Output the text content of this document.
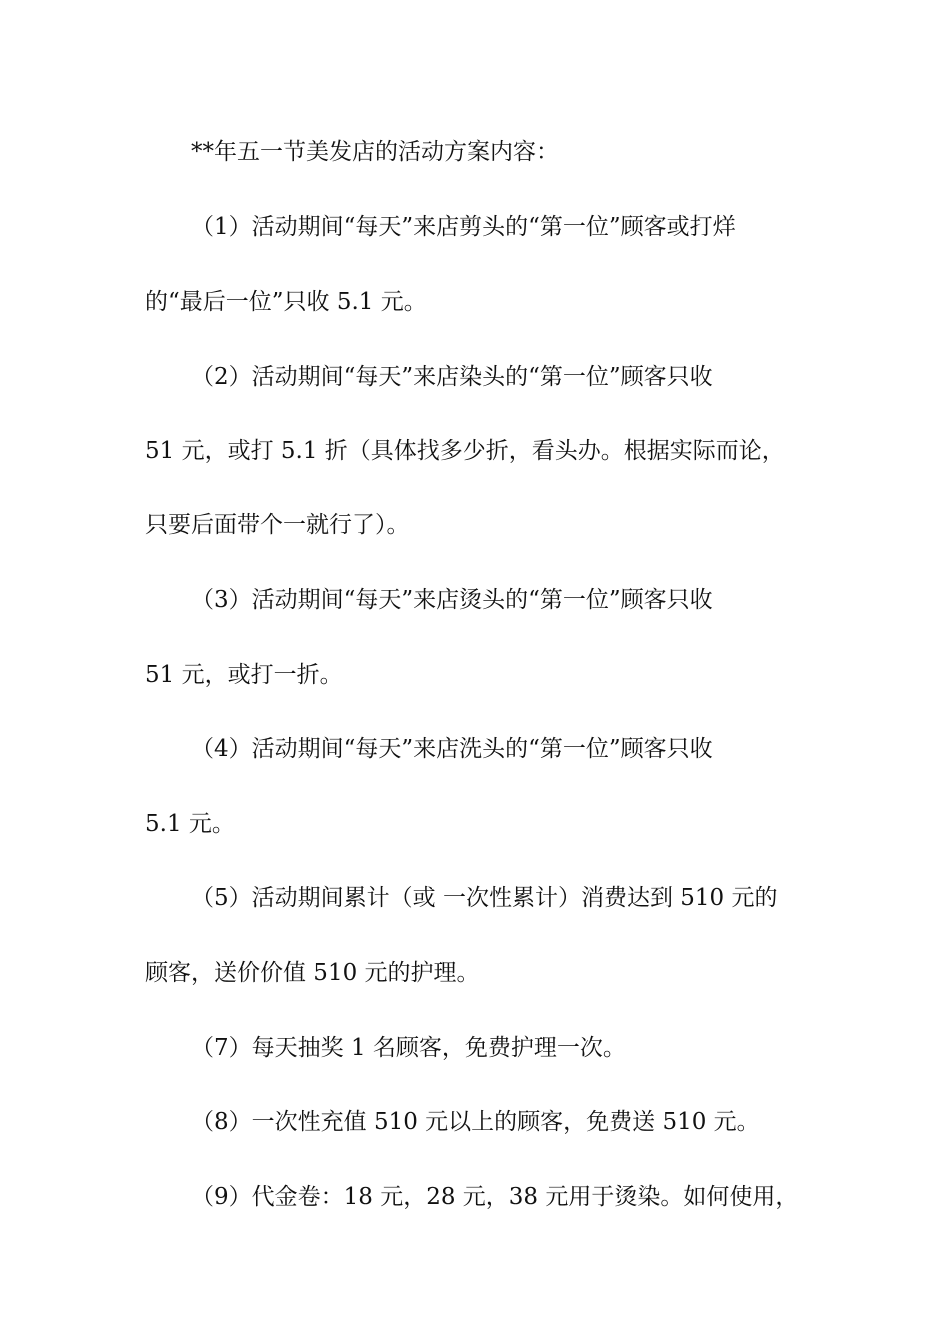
**年五一节美发店的活动方案内容：
（1）活动期间“每天”来店剪头的“第一位”顾客或打烊
的“最后一位”只收 5.1 元。
（2）活动期间“每天”来店染头的“第一位”顾客只收
51 元，或打 5.1 折（具体找多少折，看头办。根据实际而论，
只要后面带个一就行了）。
（3）活动期间“每天”来店烫头的“第一位”顾客只收
51 元，或打一折。
（4）活动期间“每天”来店洗头的“第一位”顾客只收
5.1 元。
（5）活动期间累计（或 一次性累计）消费达到 510 元的
顾客，送价价值 510 元的护理。
（7）每天抽奖 1 名顾客，免费护理一次。
（8）一次性充值 510 元以上的顾客，免费送 510 元。
（9）代金卷：18 元，28 元，38 元用于烫染。如何使用，
